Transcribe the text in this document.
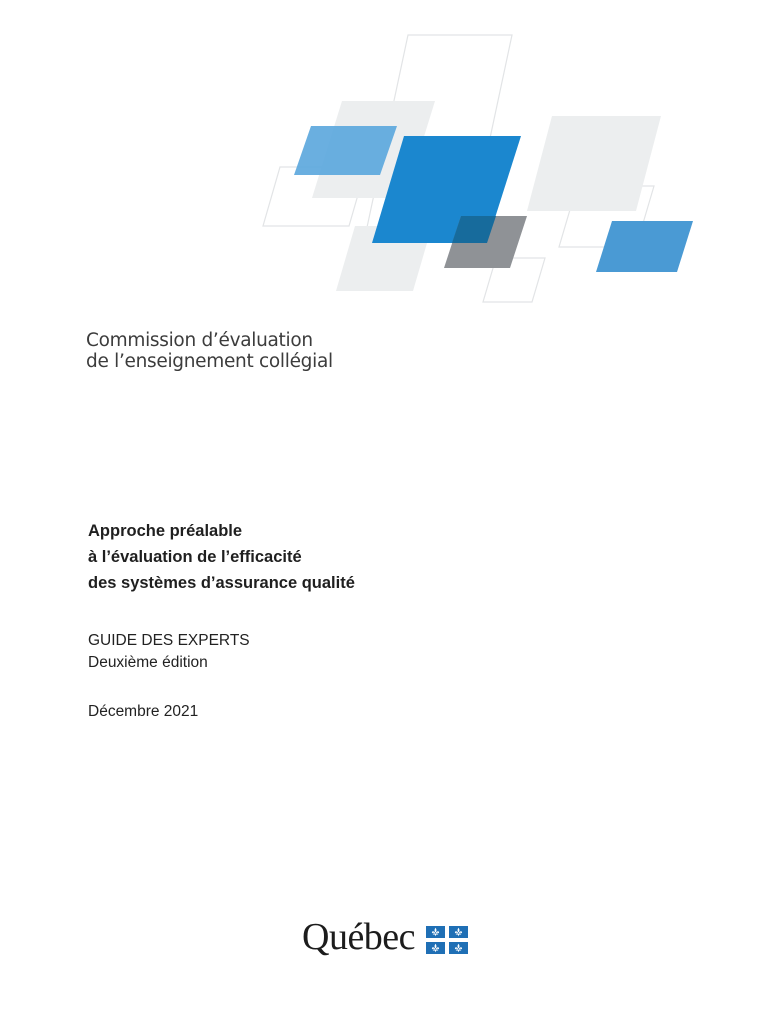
Commission d’évaluation
de l’enseignement collégial
Approche préalable
à l’évaluation de l’efficacité
des systèmes d’assurance qualité
GUIDE DES EXPERTS
Deuxième édition
Décembre 2021
Québec
